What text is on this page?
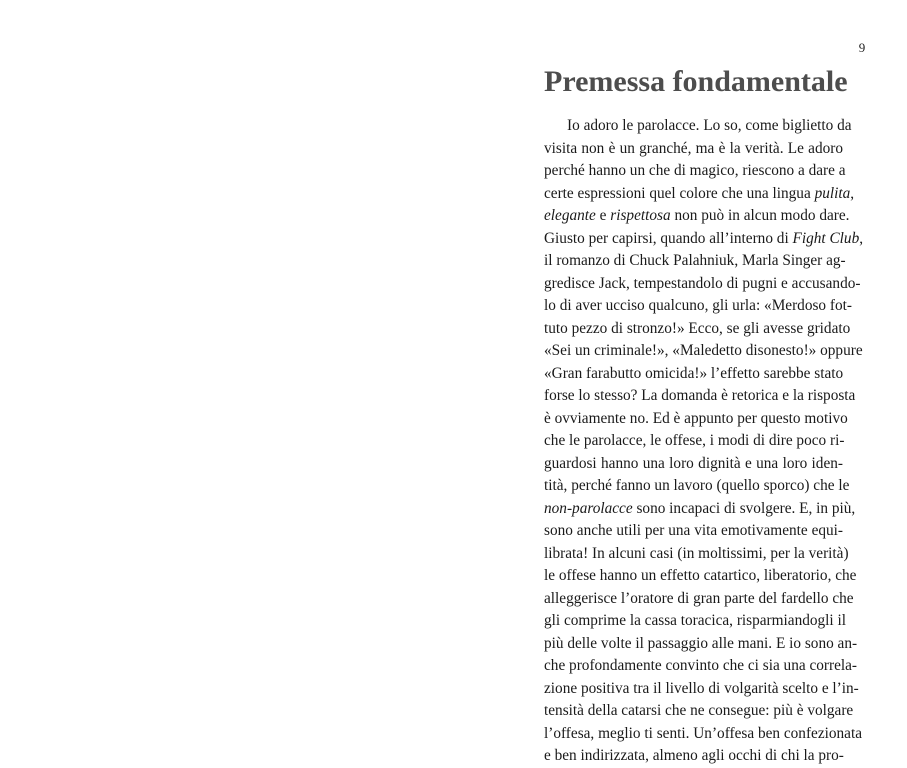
9
Premessa fondamentale
Io adoro le parolacce. Lo so, come biglietto da
visita non è un granché, ma è la verità. Le adoro
perché hanno un che di magico, riescono a dare a
certe espressioni quel colore che una lingua pulita,
elegante e rispettosa non può in alcun modo dare.
Giusto per capirsi, quando all’interno di Fight Club,
il romanzo di Chuck Palahniuk, Marla Singer ag-
gredisce Jack, tempestandolo di pugni e accusando-
lo di aver ucciso qualcuno, gli urla: «Merdoso fot-
tuto pezzo di stronzo!» Ecco, se gli avesse gridato
«Sei un criminale!», «Maledetto disonesto!» oppure
«Gran farabutto omicida!» l’effetto sarebbe stato
forse lo stesso? La domanda è retorica e la risposta
è ovviamente no. Ed è appunto per questo motivo
che le parolacce, le offese, i modi di dire poco ri-
guardosi hanno una loro dignità e una loro iden-
tità, perché fanno un lavoro (quello sporco) che le
non-parolacce sono incapaci di svolgere. E, in più,
sono anche utili per una vita emotivamente equi-
librata! In alcuni casi (in moltissimi, per la verità)
le offese hanno un effetto catartico, liberatorio, che
alleggerisce l’oratore di gran parte del fardello che
gli comprime la cassa toracica, risparmiandogli il
più delle volte il passaggio alle mani. E io sono an-
che profondamente convinto che ci sia una correla-
zione positiva tra il livello di volgarità scelto e l’in-
tensità della catarsi che ne consegue: più è volgare
l’offesa, meglio ti senti. Un’offesa ben confezionata
e ben indirizzata, almeno agli occhi di chi la pro-
